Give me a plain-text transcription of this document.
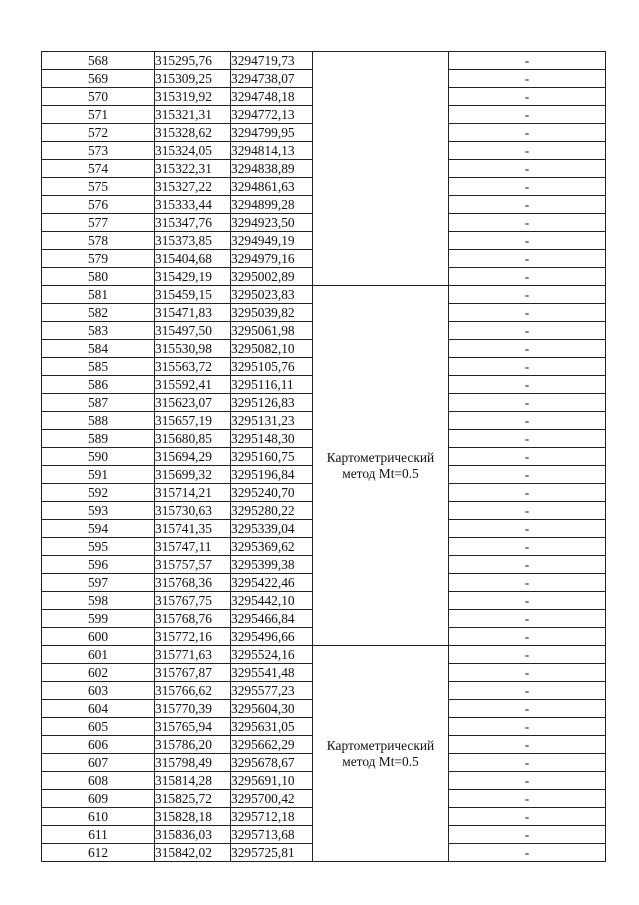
568	315295,76	3294719,73		-
569	315309,25	3294738,07		-
570	315319,92	3294748,18		-
571	315321,31	3294772,13		-
572	315328,62	3294799,95		-
573	315324,05	3294814,13		-
574	315322,31	3294838,89		-
575	315327,22	3294861,63		-
576	315333,44	3294899,28		-
577	315347,76	3294923,50		-
578	315373,85	3294949,19		-
579	315404,68	3294979,16		-
580	315429,19	3295002,89		-
581	315459,15	3295023,83	Картометрический
метод Mt=0.5	-
582	315471,83	3295039,82		-
583	315497,50	3295061,98		-
584	315530,98	3295082,10		-
585	315563,72	3295105,76		-
586	315592,41	3295116,11		-
587	315623,07	3295126,83		-
588	315657,19	3295131,23		-
589	315680,85	3295148,30		-
590	315694,29	3295160,75		-
591	315699,32	3295196,84		-
592	315714,21	3295240,70		-
593	315730,63	3295280,22		-
594	315741,35	3295339,04		-
595	315747,11	3295369,62		-
596	315757,57	3295399,38		-
597	315768,36	3295422,46		-
598	315767,75	3295442,10		-
599	315768,76	3295466,84		-
600	315772,16	3295496,66		-
601	315771,63	3295524,16	Картометрический
метод Mt=0.5	-
602	315767,87	3295541,48		-
603	315766,62	3295577,23		-
604	315770,39	3295604,30		-
605	315765,94	3295631,05		-
606	315786,20	3295662,29		-
607	315798,49	3295678,67		-
608	315814,28	3295691,10		-
609	315825,72	3295700,42		-
610	315828,18	3295712,18		-
611	315836,03	3295713,68		-
612	315842,02	3295725,81		-
